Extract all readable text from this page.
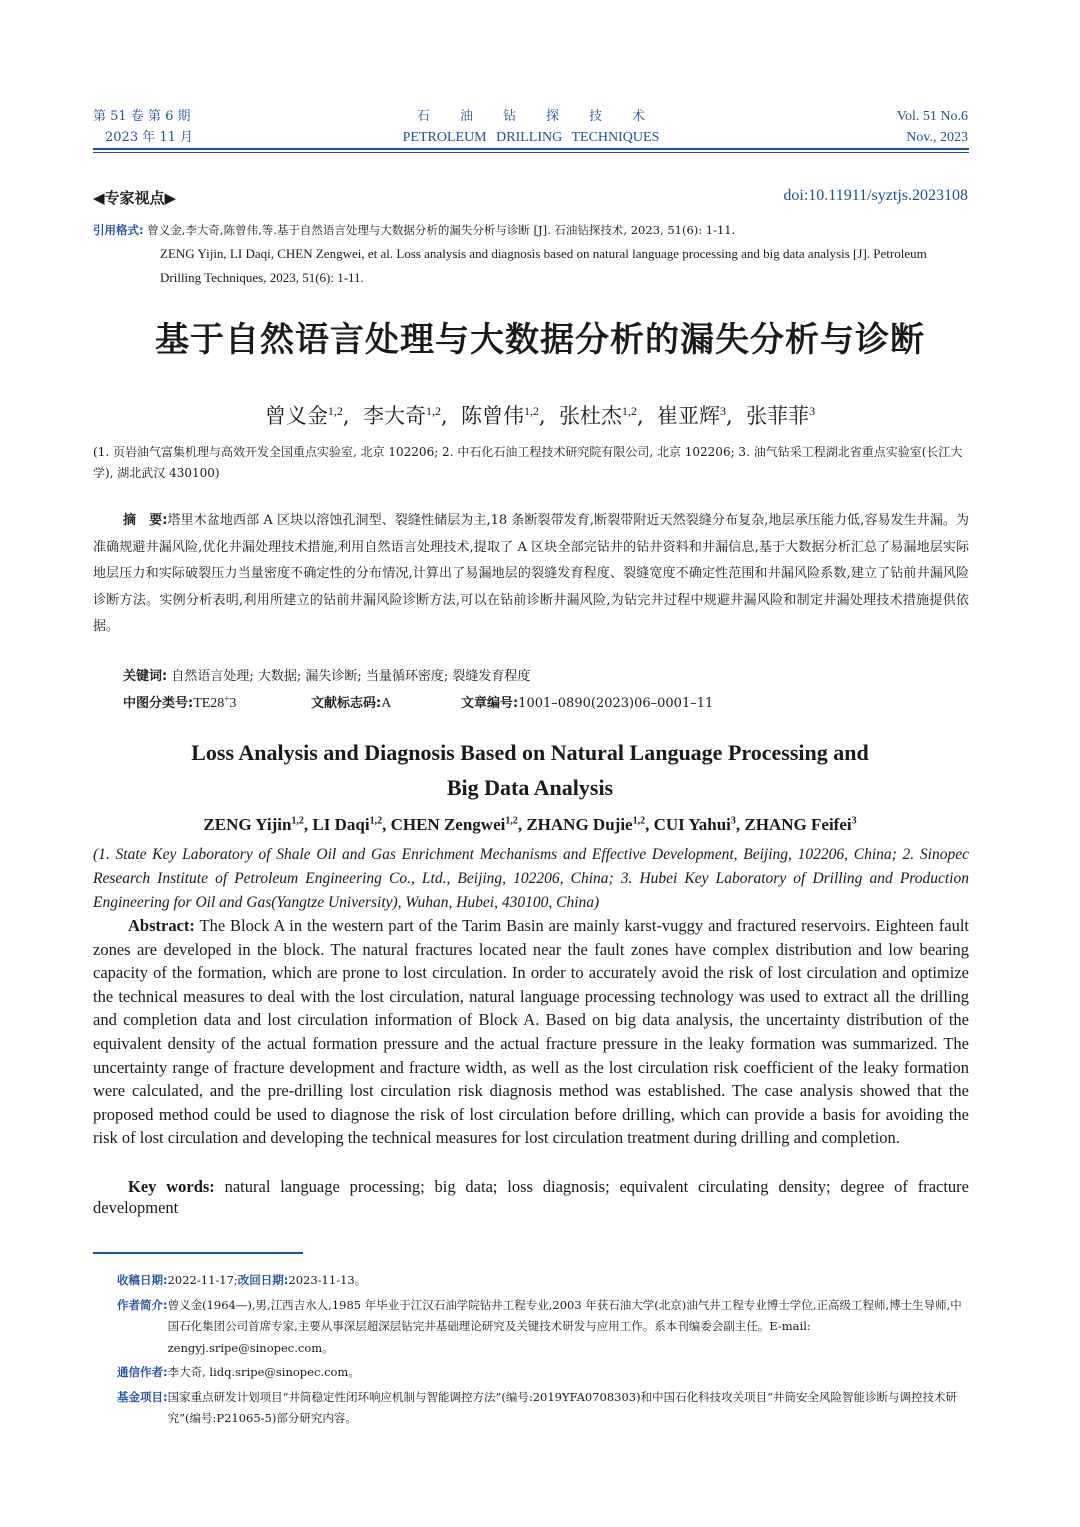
第 51 卷 第 6 期
2023 年 11 月
石油钻探技术
PETROLEUM DRILLING TECHNIQUES
Vol. 51 No.6
Nov., 2023
◀专家视点▶	doi:10.11911/syztjs.2023108
引用格式: 曾义金,李大奇,陈曾伟,等.基于自然语言处理与大数据分析的漏失分析与诊断 [J]. 石油钻探技术, 2023, 51(6): 1-11.
ZENG Yijin, LI Daqi, CHEN Zengwei, et al. Loss analysis and diagnosis based on natural language processing and big data analysis [J]. Petroleum Drilling Techniques, 2023, 51(6): 1-11.
基于自然语言处理与大数据分析的漏失分析与诊断
曾义金$^{1,2}$,  李大奇$^{1,2}$,  陈曾伟$^{1,2}$,  张杜杰$^{1,2}$,  崔亚辉$^3$,  张菲菲$^3$
(1. 页岩油气富集机理与高效开发全国重点实验室, 北京 102206; 2. 中石化石油工程技术研究院有限公司, 北京 102206; 3. 油气钻采工程湖北省重点实验室(长江大学), 湖北武汉 430100)
摘　要:塔里木盆地西部 A 区块以溶蚀孔洞型、裂缝性储层为主,18 条断裂带发育,断裂带附近天然裂缝分布复杂,地层承压能力低,容易发生井漏。为准确规避井漏风险,优化井漏处理技术措施,利用自然语言处理技术,提取了 A 区块全部完钻井的钻井资料和井漏信息,基于大数据分析汇总了易漏地层实际地层压力和实际破裂压力当量密度不确定性的分布情况,计算出了易漏地层的裂缝发育程度、裂缝宽度不确定性范围和井漏风险系数,建立了钻前井漏风险诊断方法。实例分析表明,利用所建立的钻前井漏风险诊断方法,可以在钻前诊断井漏风险,为钻完井过程中规避井漏风险和制定井漏处理技术措施提供依据。
关键词: 自然语言处理; 大数据; 漏失诊断; 当量循环密度; 裂缝发育程度
中图分类号:TE28+3	文献标志码:A	文章编号:1001–0890(2023)06–0001–11
Loss Analysis and Diagnosis Based on Natural Language Processing and
Big Data Analysis
ZENG Yijin$^{1,2}$, LI Daqi$^{1,2}$, CHEN Zengwei$^{1,2}$, ZHANG Dujie$^{1,2}$, CUI Yahui$^3$, ZHANG Feifei$^3$
(1. State Key Laboratory of Shale Oil and Gas Enrichment Mechanisms and Effective Development, Beijing, 102206, China; 2. Sinopec Research Institute of Petroleum Engineering Co., Ltd., Beijing, 102206, China; 3. Hubei Key Laboratory of Drilling and Production Engineering for Oil and Gas(Yangtze University), Wuhan, Hubei, 430100, China)
Abstract: The Block A in the western part of the Tarim Basin are mainly karst-vuggy and fractured reservoirs. Eighteen fault zones are developed in the block. The natural fractures located near the fault zones have complex distribution and low bearing capacity of the formation, which are prone to lost circulation. In order to accurately avoid the risk of lost circulation and optimize the technical measures to deal with the lost circulation, natural language processing technology was used to extract all the drilling and completion data and lost circulation information of Block A. Based on big data analysis, the uncertainty distribution of the equivalent density of the actual formation pressure and the actual fracture pressure in the leaky formation was summarized. The uncertainty range of fracture development and fracture width, as well as the lost circulation risk coefficient of the leaky formation were calculated, and the pre-drilling lost circulation risk diagnosis method was established. The case analysis showed that the proposed method could be used to diagnose the risk of lost circulation before drilling, which can provide a basis for avoiding the risk of lost circulation and developing the technical measures for lost circulation treatment during drilling and completion.
Key words: natural language processing; big data; loss diagnosis; equivalent circulating density; degree of fracture development
收稿日期: 2022-11-17; 改回日期: 2023-11-13。
作者简介: 曾义金(1964—),男,江西吉水人,1985 年毕业于江汉石油学院钻井工程专业,2003 年获石油大学(北京)油气井工程专业博士学位,正高级工程师,博士生导师,中国石化集团公司首席专家,主要从事深层超深层钻完井基础理论研究及关键技术研发与应用工作。系本刊编委会副主任。E-mail: zengyj.sripe@sinopec.com。
通信作者: 李大奇, lidq.sripe@sinopec.com。
基金项目: 国家重点研发计划项目“井筒稳定性闭环响应机制与智能调控方法”(编号:2019YFA0708303)和中国石化科技攻关项目“井筒安全风险智能诊断与调控技术研究”(编号:P21065-5)部分研究内容。
